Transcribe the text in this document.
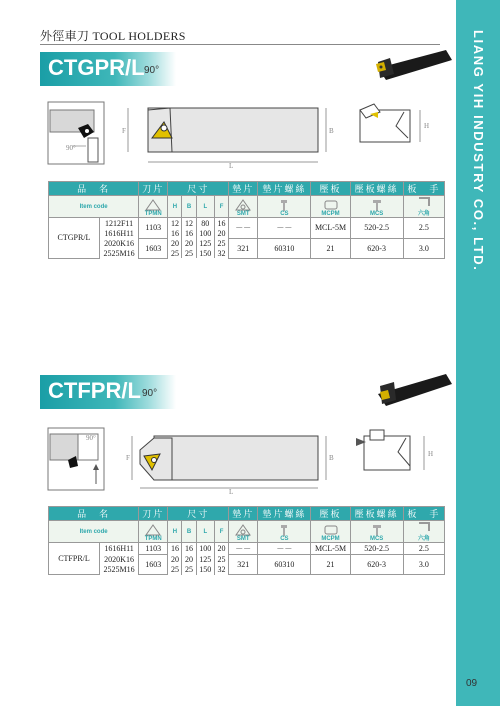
外徑車刀 TOOL HOLDERS	LIANG YIH INDUSTRY CO., LTD.
09
CTGPR/L 90°
90°
F
L
B
H
品　名		刀片	尺寸				墊片	墊片螺絲	壓板	壓板螺絲	板　手
Item code		TPMN	H	B	L	F	SMT	CS	MCPM	MCS	六角
CTGPR/L	1212F11	1103	12	12	80	16	－－	－－	MCL-5M	520-2.5	2.5
	1616H11		16	16	100	20					
	2020K16	1603	20	20	125	25	321	60310	21	620-3	3.0
	2525M16		25	25	150	32					
CTFPR/L 90°
90°
F
L
B	H
品　名		刀片	尺寸				墊片	墊片螺絲	壓板	壓板螺絲	板　手
Item code		TPMN	H	B	L	F	SMT	CS	MCPM	MCS	六角
CTFPR/L	1616H11	1103	16	16	100	20	－－	－－	MCL-5M	520-2.5	2.5
	2020K16	1603	20	20	125	25	321	60310	21	620-3	3.0
	2525M16		25	25	150	32					
